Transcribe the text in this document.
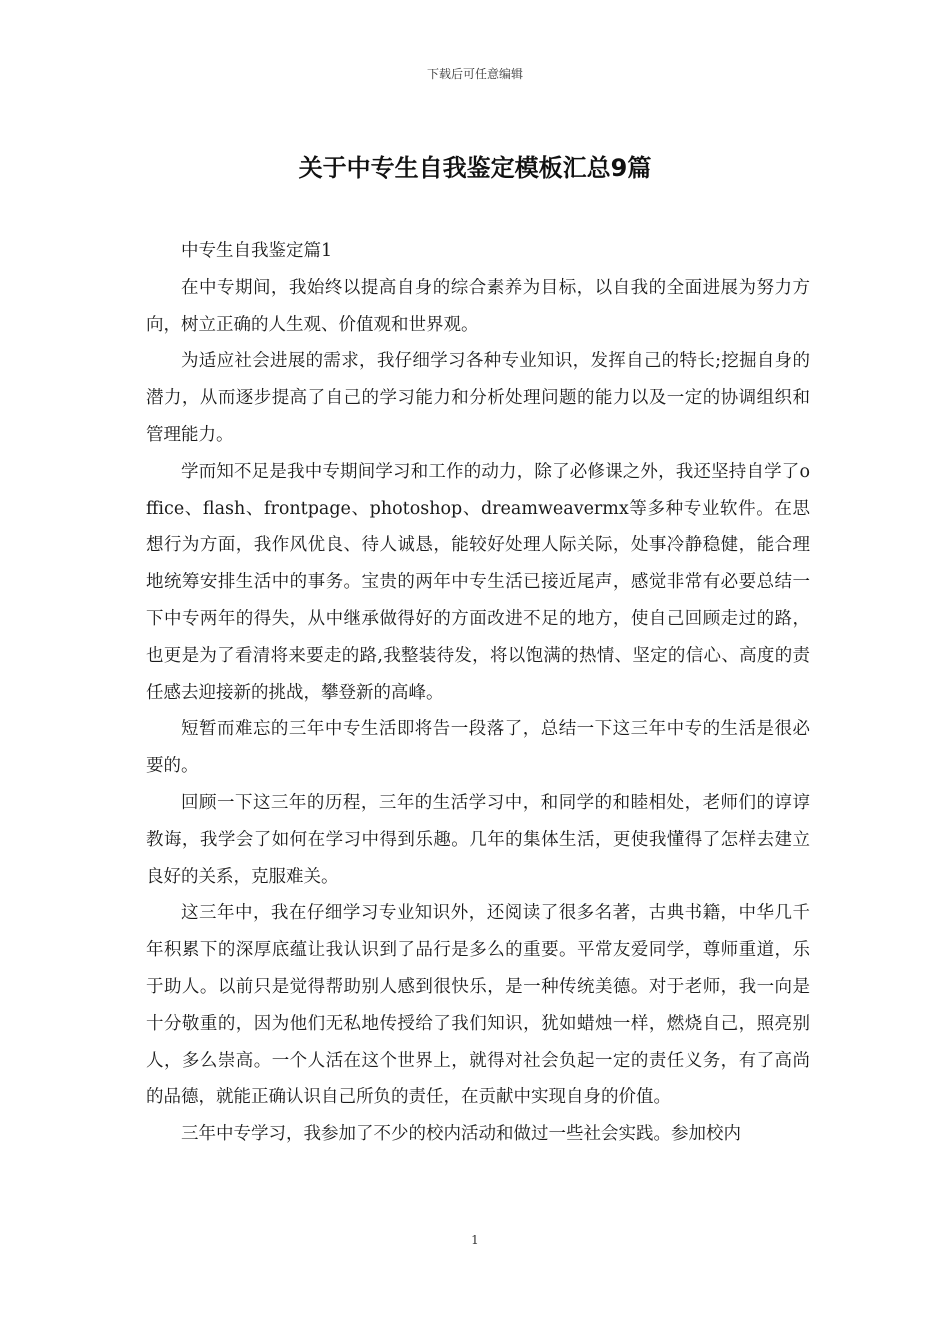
下载后可任意编辑
关于中专生自我鉴定模板汇总9篇

中专生自我鉴定篇1

在中专期间，我始终以提高自身的综合素养为目标，以自我的全面进展为努力方向，树立正确的人生观、价值观和世界观。

为适应社会进展的需求，我仔细学习各种专业知识，发挥自己的特长;挖掘自身的潜力，从而逐步提高了自己的学习能力和分析处理问题的能力以及一定的协调组织和管理能力。

学而知不足是我中专期间学习和工作的动力，除了必修课之外，我还坚持自学了office、flash、frontpage、photoshop、dreamweavermx等多种专业软件。在思想行为方面，我作风优良、待人诚恳，能较好处理人际关际，处事冷静稳健，能合理地统筹安排生活中的事务。宝贵的两年中专生活已接近尾声，感觉非常有必要总结一下中专两年的得失，从中继承做得好的方面改进不足的地方，使自己回顾走过的路，也更是为了看清将来要走的路,我整装待发，将以饱满的热情、坚定的信心、高度的责任感去迎接新的挑战，攀登新的高峰。

短暂而难忘的三年中专生活即将告一段落了，总结一下这三年中专的生活是很必要的。

回顾一下这三年的历程，三年的生活学习中，和同学的和睦相处，老师们的谆谆教诲，我学会了如何在学习中得到乐趣。几年的集体生活，更使我懂得了怎样去建立良好的关系，克服难关。

这三年中，我在仔细学习专业知识外，还阅读了很多名著，古典书籍，中华几千年积累下的深厚底蕴让我认识到了品行是多么的重要。平常友爱同学，尊师重道，乐于助人。以前只是觉得帮助别人感到很快乐，是一种传统美德。对于老师，我一向是十分敬重的，因为他们无私地传授给了我们知识，犹如蜡烛一样，燃烧自己，照亮别人，多么崇高。一个人活在这个世界上，就得对社会负起一定的责任义务，有了高尚的品德，就能正确认识自己所负的责任，在贡献中实现自身的价值。

三年中专学习，我参加了不少的校内活动和做过一些社会实践。参加校内

1
